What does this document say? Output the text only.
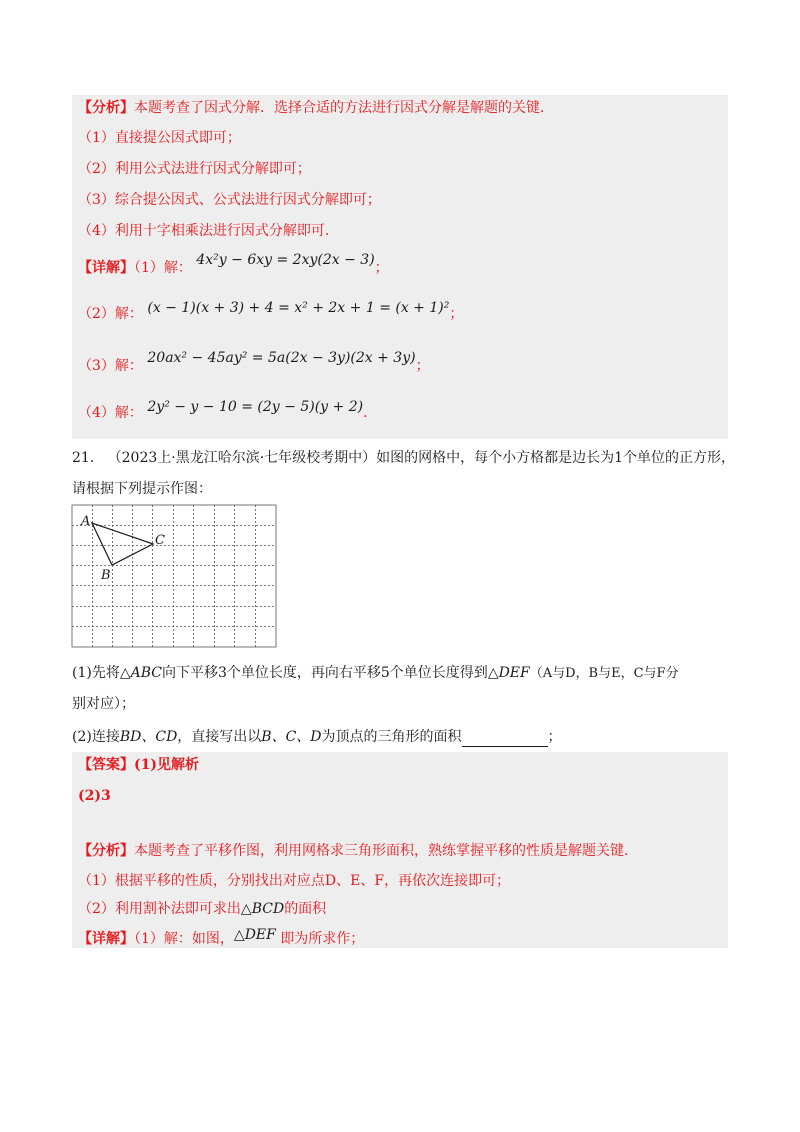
【分析】本题考查了因式分解．选择合适的方法进行因式分解是解题的关键．
（1）直接提公因式即可；
（2）利用公式法进行因式分解即可；
（3）综合提公因式、公式法进行因式分解即可；
（4）利用十字相乘法进行因式分解即可．
【详解】（1）解： 4x²y − 6xy = 2xy(2x − 3)；
（2）解： (x − 1)(x + 3) + 4 = x² + 2x + 1 = (x + 1)²；
（3）解： 20ax² − 45ay² = 5a(2x − 3y)(2x + 3y)；
（4）解： 2y² − y − 10 = (2y − 5)(y + 2)．
21. （2023上·黑龙江哈尔滨·七年级校考期中）如图的网格中，每个小方格都是边长为1个单位的正方形，
请根据下列提示作图：
A
B
C
(1)先将△ABC向下平移3个单位长度，再向右平移5个单位长度得到△DEF（A与D，B与E，C与F分
别对应）；
(2)连接BD、CD，直接写出以B、C、D为顶点的三角形的面积	；
【答案】(1)见解析
(2)3
【分析】本题考查了平移作图，利用网格求三角形面积，熟练掌握平移的性质是解题关键．
（1）根据平移的性质，分别找出对应点D、E、F，再依次连接即可；
（2）利用割补法即可求出△BCD的面积
【详解】（1）解：如图，△DEF 即为所求作；
